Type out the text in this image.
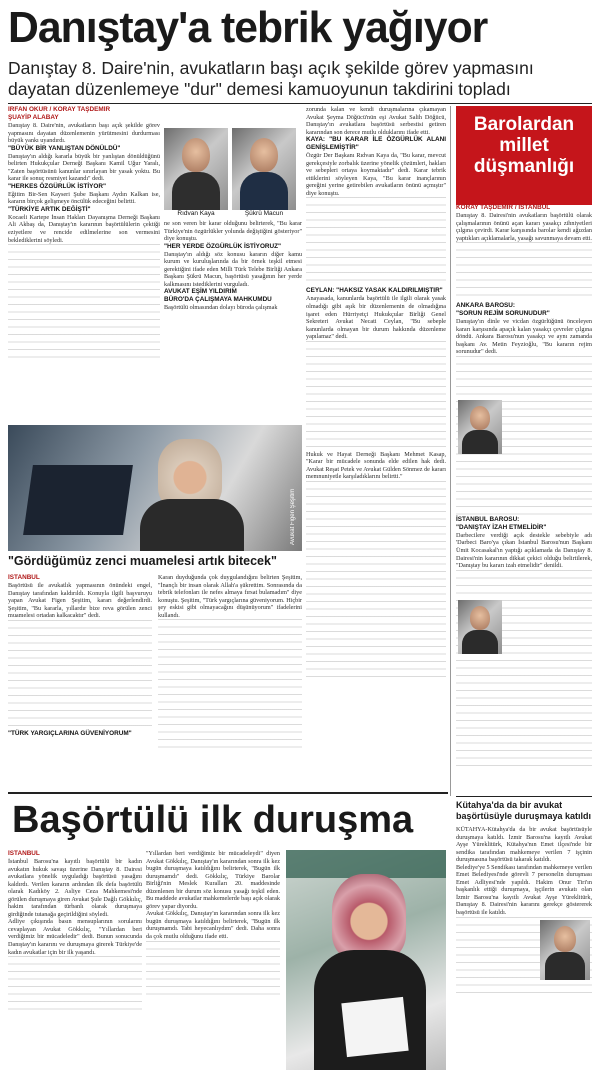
Danıştay'a tebrik yağıyor
Danıştay 8. Daire'nin, avukatların başı açık şekilde görev yapmasını dayatan düzenlemeye "dur" demesi kamuoyunun takdirini topladı
İRFAN OKUR / KORAY TAŞDEMİR
ŞUAYİP ALABAY

Danıştay 8. Daire'nin, avukatların başı açık şekilde görev yapmasını dayatan düzenlemenin yürütmesini durdurması büyük yankı uyandırdı.

"BÜYÜK BİR YANLIŞTAN DÖNÜLDÜ"

Danıştay'ın aldığı kararla büyük bir yanlıştan dönüldüğünü belirten Hukukçular Derneği Başkanı Kamil Uğur Yaralı, "Zaten başörtüsünü kanunlar sınırlayan bir yasak yoktu. Bu karar ile sonuç resmiyet kazandı" dedi.

"HERKES ÖZGÜRLÜK İSTİYOR"

Eğitim Bir-Sen Kayseri Şube Başkanı Aydın Kalkan ise, kararın birçok gelişmeye öncülük edeceğini belirtti.

"TÜRKİYE ARTIK DEĞİŞTİ"

Kocaeli Kartepe İnsan Hakları Dayanışma Derneği Başkanı Ali Akbaş da, Danıştay'ın kararının başörtülülerin çektiği eziyetlere ve rencide edilmelerine son vermesini beklediklerini söyledi.

Rıdvan Kaya	Şükrü Macun

ne son veren bir karar olduğunu belirterek, "Bu karar Türkiye'nin özgürlükler yolunda değiştiğini gösteriyor" diye konuştu.

"HER YERDE ÖZGÜRLÜK İSTİYORUZ"

Danıştay'ın aldığı söz konusu kararın diğer kamu kurum ve kuruluşlarında da bir örnek teşkil etmesi gerektiğini ifade eden Milli Türk Telebe Birliği Ankara Başkanı Şükrü Macun, başörtüsü yasağının her yerde kalkmasını istediklerini vurguladı.

AVUKAT EŞİM YILDIRIM
BÜRO'DA ÇALIŞMAYA MAHKUMDU

Başörtülü olmasından dolayı büroda çalışmak

zorunda kalan ve kendi duruşmalarına çıkamayan Avukat Şeyma Döğücü'nün eşi Avukat Salih Döğücü, Danıştay'ın avukatlara başörtüsü serbestisi getiren kararından son derece mutlu olduklarını ifade etti.

KAYA: "BU KARAR İLE ÖZGÜRLÜK ALANI GENİŞLEMİŞTİR"

Özgür Der Başkanı Rıdvan Kaya da, "Bu karar, mevcut gerekçesiyle zorbalık üzerine yönelik çözümleri, hakları ve sebepleri ortaya koymaktadır" dedi. Karar tebrik ettiklerini söyleyen Kaya, "Bu karar inançlarının gereğini yerine getirebilen avukatların önünü açmıştır" diye konuştu.

CEYLAN: "HAKSIZ YASAK KALDIRILMIŞTIR"

Anayasada, kanunlarda başörtülü ile ilgili olarak yasak olmadığı gibi aşık bir düzenlemenin de olmadığına işaret eden Hürriyetçi Hukukçular Birliği Genel Sekreteri Avukat Necati Ceylan, "Bu sebeple kanunlarda olmayan bir durum hakkında düzenleme yapılamaz" dedi.

Hukuk ve Hayat Derneği Başkanı Mehmet Kasap, "Karar bir mücadele sonunda elde edilen hak dedi. Avukat Reşat Petek ve Avukat Gülden Sönmez de kararı memnuniyetle karşıladıklarını belirtti."

Barolardan
millet
düşmanlığı
KORAY TAŞDEMİR / İSTANBUL

Danıştay 8. Dairesi'nin avukatların başörtülü olarak çalışmalarının önünü açan kararı yasakçı zihniyetleri çılgına çevirdi. Karar karşısında barolar kendi ağızdan yaptıkları açıklamalarla, yasağı savunmaya devam etti.

ANKARA BAROSU:
"SORUN REJİM SORUNUDUR"

Danıştay'ın dinle ve vicdan özgürlüğünü önceleyen kararı karşısında apaçık kalan yasakçı çevreler çılgına döndü. Ankara Barosu'nun yasakçı ve aynı zamanda başkanı Av. Metin Feyzioğlu, "Bu kararın rejim sorunudur" dedi.

İSTANBUL BAROSU:
"DANIŞTAY İZAH ETMELİDİR"

Darbecilere verdiği açık destekle sebebiyle adı 'Darbeci Baro'ya çıkan İstanbul Barosu'nun Başkanı Ümit Kocasakal'ın yaptığı açıklamada da Danıştay 8. Dairesi'nin kararının dikkat çekici olduğu belirtilerek, "Danıştay bu kararı izah etmelidir" denildi.

Avukat Figen Şeşitim
"Gördüğümüz zenci muamelesi artık bitecek"
İSTANBUL

Başörtüsü ile avukatlık yapmasının önündeki engel, Danıştay tarafından kaldırıldı. Konuyla ilgili başvuruyu yapan Avukat Figen Şeşitim, kararı değerlendirdi. Şeşitim, "Bu kararla, yıllardır bize reva görülen zenci muamelesi ortadan kalkacaktır" dedi.

"TÜRK YARGIÇLARINA GÜVENİYORUM"

Karan duyduğunda çok duygulandığını belirten Şeşitim, "İnançlı bir insan olarak Allah'a şükrettim. Sonrasında da tebrik telefonları ile nefes almaya fırsat bulamadım" diye konuştu. Şeşitim, "Türk yargıçlarına güveniyorum. Hiçbir şey eskisi gibi olmayacağını düşünüyorum" ifadelerini kullandı.

Başörtülü ilk duruşma
İSTANBUL

İstanbul Barosu'na kayıtlı başörtülü bir kadın avukatın hukuk savaşı üzerine Danıştay 8. Dairesi avukatlara yönelik uyguladığı başörtüsü yasağını kaldırdı. Verilen kararın ardından ilk defa başörtülü olarak Kadıköy 2. Asliye Ceza Mahkemesi'nde görülen duruşmaya giren Avukat Şule Dağlı Gökkılıç, hakim tarafından türbanlı olarak duruşmaya girdiğinde tutanağa geçirildiğini söyledi.

Adliye çıkışında basın mensuplarının sorularını cevaplayan Avukat Gökkılıç, "Yıllardan beri verdiğimiz bir mücadeledir" dedi. Bunun sonucunda Danıştay'ın kararını ve duruşmaya girerek Türkiye'de kadın avukatlar için bir ilk yaşandı.

"Yıllardan beri verdiğimiz bir mücadeleydi" diyen Avukat Gökkılıç, Danıştay'ın kararından sonra ilk kez bugün duruşmaya katıldığını belirterek, "Bugün ilk duruşmamdı" dedi. Gökkılıç, Türkiye Barolar Birliği'nin Meslek Kuralları 20. maddesinde düzenlenen bir durum söz konusu yasağı teşkil eden. Bu maddede avukatlar mahkemelerde başı açık olarak görev yapar diyordu.

Avukat Gökkılıç, Danıştay'ın kararından sonra ilk kez bugün duruşmaya katıldığını belirterek, "Bugün ilk duruşmamdı. Tabi heyecanlıydım" dedi. Daha sonra da çok mutlu olduğunu ifade etti.

Kütahya'da da bir avukat başörtüsüyle duruşmaya katıldı

KÜTAHYA-Kütahya'da da bir avukat başörtüsüyle duruşmaya katıldı. İzmir Barosu'na kayıtlı Avukat Ayşe Yüreklitürk, Kütahya'nın Emet ilçesi'nde bir sendika tarafından mahkemeye verilen 7 işçinin duruşmasına başörtüsü takarak katıldı.

Belediye'ye 5 Sendikası tarafından mahkemeye verilen Emet Belediyesi'nde görevli 7 personelin duruşması Emet Adliyesi'nde yapıldı. Hakim Onur Tiri'ın başkanlık ettiği duruşmaya, işçilerin avukatı olan İzmir Barosu'na kayıtlı Avukat Ayşe Yüreklitürk, Danıştay 8. Dairesi'nin kararını gerekçe göstererek başörtüsü ile katıldı.
